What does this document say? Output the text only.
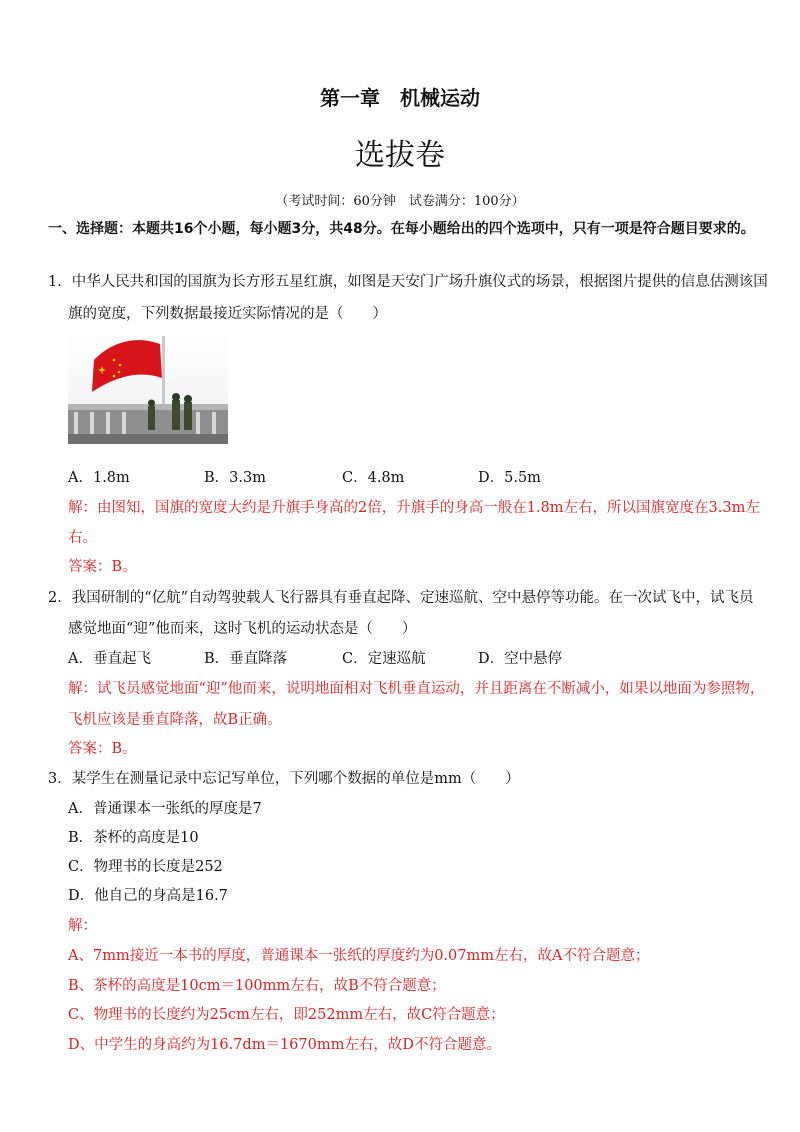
第一章　机械运动
选拔卷
（考试时间：60分钟　试卷满分：100分）
一、选择题：本题共16个小题，每小题3分，共48分。在每小题给出的四个选项中，只有一项是符合题目要求的。
1．中华人民共和国的国旗为长方形五星红旗，如图是天安门广场升旗仪式的场景，根据图片提供的信息估测该国
旗的宽度，下列数据最接近实际情况的是（　　）
A．1.8m	B．3.3m	C．4.8m	D．5.5m
解：由图知，国旗的宽度大约是升旗手身高的2倍，升旗手的身高一般在1.8m左右，所以国旗宽度在3.3m左
右。
答案：B。
2．我国研制的“亿航”自动驾驶载人飞行器具有垂直起降、定速巡航、空中悬停等功能。在一次试飞中，试飞员
感觉地面“迎”他而来，这时飞机的运动状态是（　　）
A．垂直起飞	B．垂直降落	C．定速巡航	D．空中悬停
解：试飞员感觉地面“迎”他而来，说明地面相对飞机垂直运动，并且距离在不断减小，如果以地面为参照物，
飞机应该是垂直降落，故B正确。
答案：B。
3．某学生在测量记录中忘记写单位，下列哪个数据的单位是mm（　　）
A．普通课本一张纸的厚度是7
B．茶杯的高度是10
C．物理书的长度是252
D．他自己的身高是16.7
解：
A、7mm接近一本书的厚度，普通课本一张纸的厚度约为0.07mm左右，故A不符合题意；
B、茶杯的高度是10cm＝100mm左右，故B不符合题意；
C、物理书的长度约为25cm左右，即252mm左右，故C符合题意；
D、中学生的身高约为16.7dm＝1670mm左右，故D不符合题意。
